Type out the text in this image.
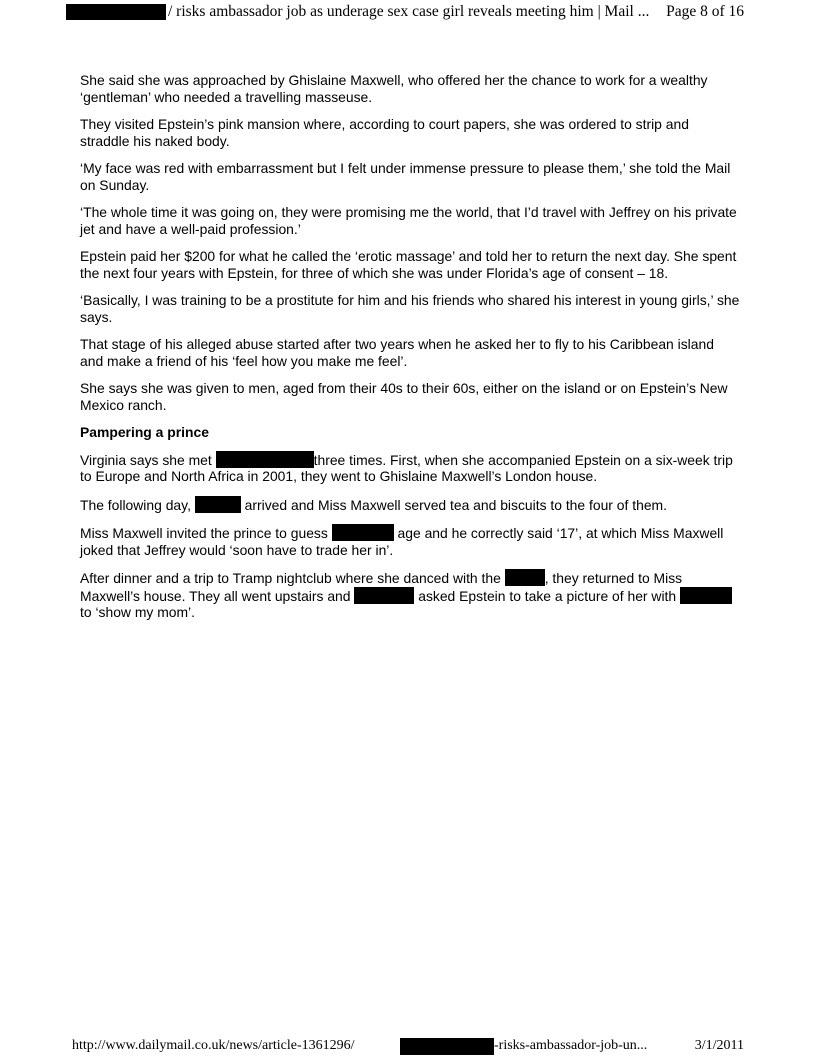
/ risks ambassador job as underage sex case girl reveals meeting him | Mail ... Page 8 of 16

She said she was approached by Ghislaine Maxwell, who offered her the chance to work for a wealthy ‘gentleman’ who needed a travelling masseuse.

They visited Epstein’s pink mansion where, according to court papers, she was ordered to strip and straddle his naked body.

‘My face was red with embarrassment but I felt under immense pressure to please them,’ she told the Mail on Sunday.

‘The whole time it was going on, they were promising me the world, that I’d travel with Jeffrey on his private jet and have a well-paid profession.’

Epstein paid her $200 for what he called the ‘erotic massage’ and told her to return the next day. She spent the next four years with Epstein, for three of which she was under Florida’s age of consent – 18.

‘Basically, I was training to be a prostitute for him and his friends who shared his interest in young girls,’ she says.

That stage of his alleged abuse started after two years when he asked her to fly to his Caribbean island and make a friend of his ‘feel how you make me feel’.

She says she was given to men, aged from their 40s to their 60s, either on the island or on Epstein’s New Mexico ranch.

Pampering a prince

Virginia says she met	three times. First, when she accompanied Epstein on a six-week trip to Europe and North Africa in 2001, they went to Ghislaine Maxwell’s London house.

The following day,	arrived and Miss Maxwell served tea and biscuits to the four of them.

Miss Maxwell invited the prince to guess	age and he correctly said ‘17’, at which Miss Maxwell joked that Jeffrey would ‘soon have to trade her in’.

After dinner and a trip to Tramp nightclub where she danced with the	, they returned to Miss Maxwell’s house. They all went upstairs and	asked Epstein to take a picture of her with  to ‘show my mom’.

http://www.dailymail.co.uk/news/article-1361296/	-risks-ambassador-job-un...	3/1/2011
